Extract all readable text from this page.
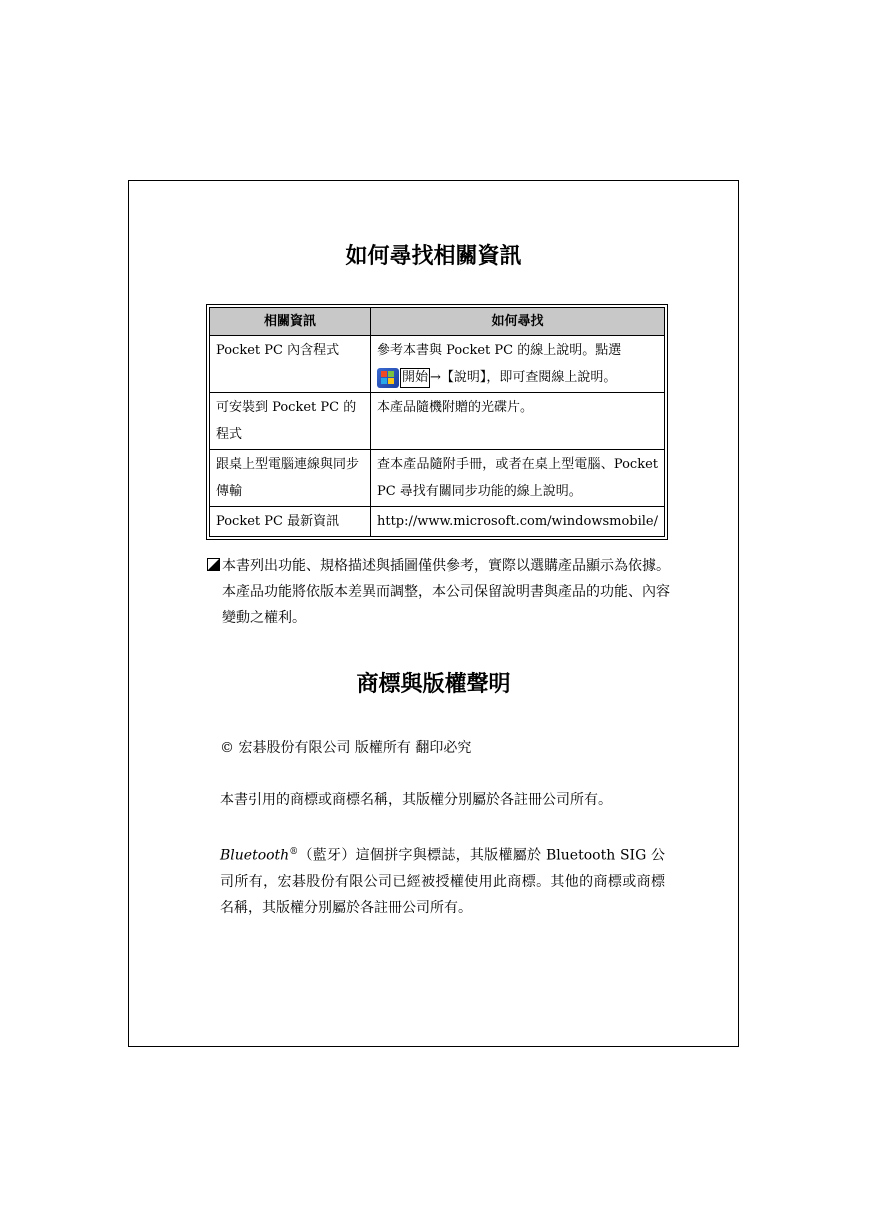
如何尋找相關資訊
相關資訊	如何尋找
Pocket PC 內含程式	參考本書與 Pocket PC 的線上說明。點選

開始 →【說明】，即可查閱線上說明。
可安裝到 Pocket PC 的程式	本產品隨機附贈的光碟片。
跟桌上型電腦連線與同步傳輸	查本產品隨附手冊，或者在桌上型電腦、Pocket PC 尋找有關同步功能的線上說明。
Pocket PC 最新資訊	http://www.microsoft.com/windowsmobile/
本書列出功能、規格描述與插圖僅供參考，實際以選購產品顯示為依據。本產品功能將依版本差異而調整，本公司保留說明書與產品的功能、內容變動之權利。
商標與版權聲明
© 宏碁股份有限公司 版權所有 翻印必究
本書引用的商標或商標名稱，其版權分別屬於各註冊公司所有。
Bluetooth®（藍牙）這個拼字與標誌，其版權屬於 Bluetooth SIG 公司所有，宏碁股份有限公司已經被授權使用此商標。其他的商標或商標名稱，其版權分別屬於各註冊公司所有。
